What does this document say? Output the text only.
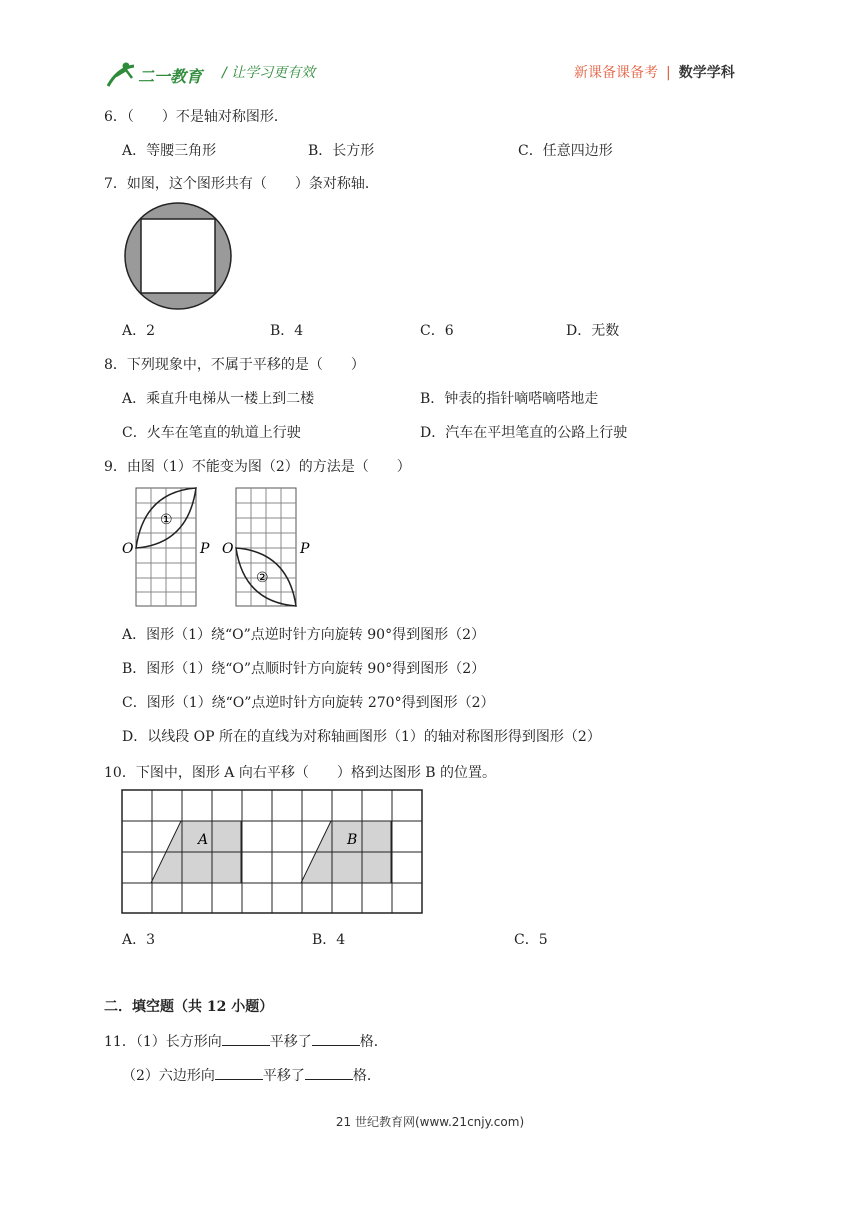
二一教育 / 让学习更有效	新课备课备考 | 数学学科
6．（　　）不是轴对称图形．
A．等腰三角形	B．长方形	C．任意四边形
7．如图，这个图形共有（　　）条对称轴．
A．2	B．4	C．6	D．无数
8．下列现象中，不属于平移的是（　　）
A．乘直升电梯从一楼上到二楼	B．钟表的指针嘀嗒嘀嗒地走
C．火车在笔直的轨道上行驶	D．汽车在平坦笔直的公路上行驶
9．由图（1）不能变为图（2）的方法是（　　）
①
O	P
②
O	P
A．图形（1）绕“O”点逆时针方向旋转 90°得到图形（2）
B．图形（1）绕“O”点顺时针方向旋转 90°得到图形（2）
C．图形（1）绕“O”点逆时针方向旋转 270°得到图形（2）
D．以线段 OP 所在的直线为对称轴画图形（1）的轴对称图形得到图形（2）
10．下图中，图形 A 向右平移（　　）格到达图形 B 的位置。
A	B
A．3	B．4	C．5
二．填空题（共 12 小题）
11．（1）长方形向	平移了	格．
（2）六边形向	平移了	格．
21 世纪教育网(www.21cnjy.com)
